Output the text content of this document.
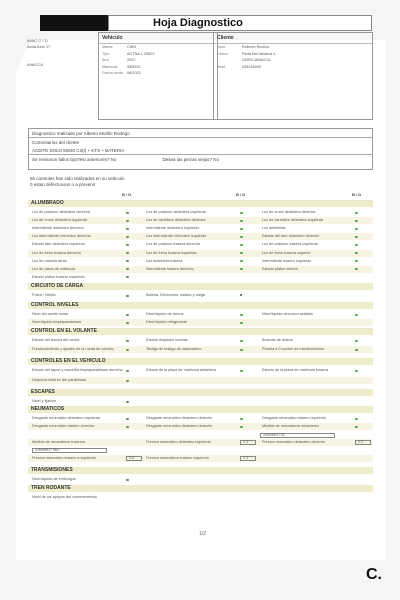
Hoja Diagnostico
AVAC C / 1/
Avda Aztc 17
AVACCA
Vehiculo
Marca	CWN
Tipo	ACTNA 1 20822
Ano	2022
Matricula	9550CK
Fecha venta	06/2022
Cliente
Nom.	Roberto Rovilvo
Direcc.	Perla Nal Vesteva 4
23009 JAVACCA
Telef.	635216000
Diagnostico realizado por Alberto Murillo Rodrigo
Comentarios del cliente
ACEITE SOLO 5W30 C3(I) + KTS + BATERIA
Se revisaron fallos tipoTest anteriores? No	Desea las piezas viejas? No
55 controles han sido realizados en su vehiculo
0 estan defectuosos o a prevenir
B / D	B / D	B / D
ALUMBRADO
Luz de posicion delantera derecha	Luz de posicion delantera izquierda	Luz de cruce delantera derecha
Luz de cruce delantera izquierda	Luz de carretera delantera derecha	Luz de carretera delantera izquierda
Intermitente delantero derecho	Intermitente delantero izquierdo	Luz antiniebla
Luz intermitente retrovisor derecho	Luz intermitente retrovisor izquierdo	Estado del faro delantero derecho
Estado faro delantero izquierdo	Luz de posicion trasera derecha	Luz de posicion trasera izquierda
Luz de freno trasera derecha	Luz de freno trasera izquierda	Luz de freno trasera superior
Luz de marcha atras	Luz antiniebla trasera	Intermitente trasero izquierdo
Luz de placa de matricula	Intermitente trasero derecho	Estado plafon interior
Estado plafon trasero izquierdo
CIRCUITO DE CARGA
Polea / Veleta	Bateria. Electrones. estado y carga	■
CONTROL NIVELES
Nivel del aceite motor	Nivel liquido de frenos	Nivel liquido direccion asistida
Nivel liquido limpiaparabrisas	Nivel liquido refrigerante
CONTROL EN EL VOLANTE
Estado del bocina del coche	Estado limpiador lunetas	Bocinas de avisos
Funcionamiento y ajustes de la rueda de cambio	Testigo de testigo de salpicadero	Prueba a 0 control de mantenimiento
CONTROLES EN EL VEHICULO
Estado del tapon y escobilla limpiaparabrisas derecho	Estado de la placa de matricula delantera	Estado de la placa de matricula trasera
Limpieza exterior del parabrisas
ESCAPES
Nivel y fijacion
NEUMATICOS
Desgaste neumatico delantero izquierdo	Desgaste neumatico delantero derecho	Desgaste neumatico trasero izquierdo
Desgaste neumatico trasero derecho	Desgaste neumatico delantero derecho	Medida de neumaticos delanteros
225/45R17 91
Medida de neumaticos traseros	Presion neumatico delantero izquierdo	2.3	Presion neumatico delantero derecho	2.3
225/45R17 96V
Presion neumatico trasero a izquierdo	2.3	Presion neumaticos trasero izquierdo	2.3
TRANSMISIONES
Nivel liquido de embrague
TREN RODANTE
Nivel de los apoyos del cinemometrica
1/2
C.
